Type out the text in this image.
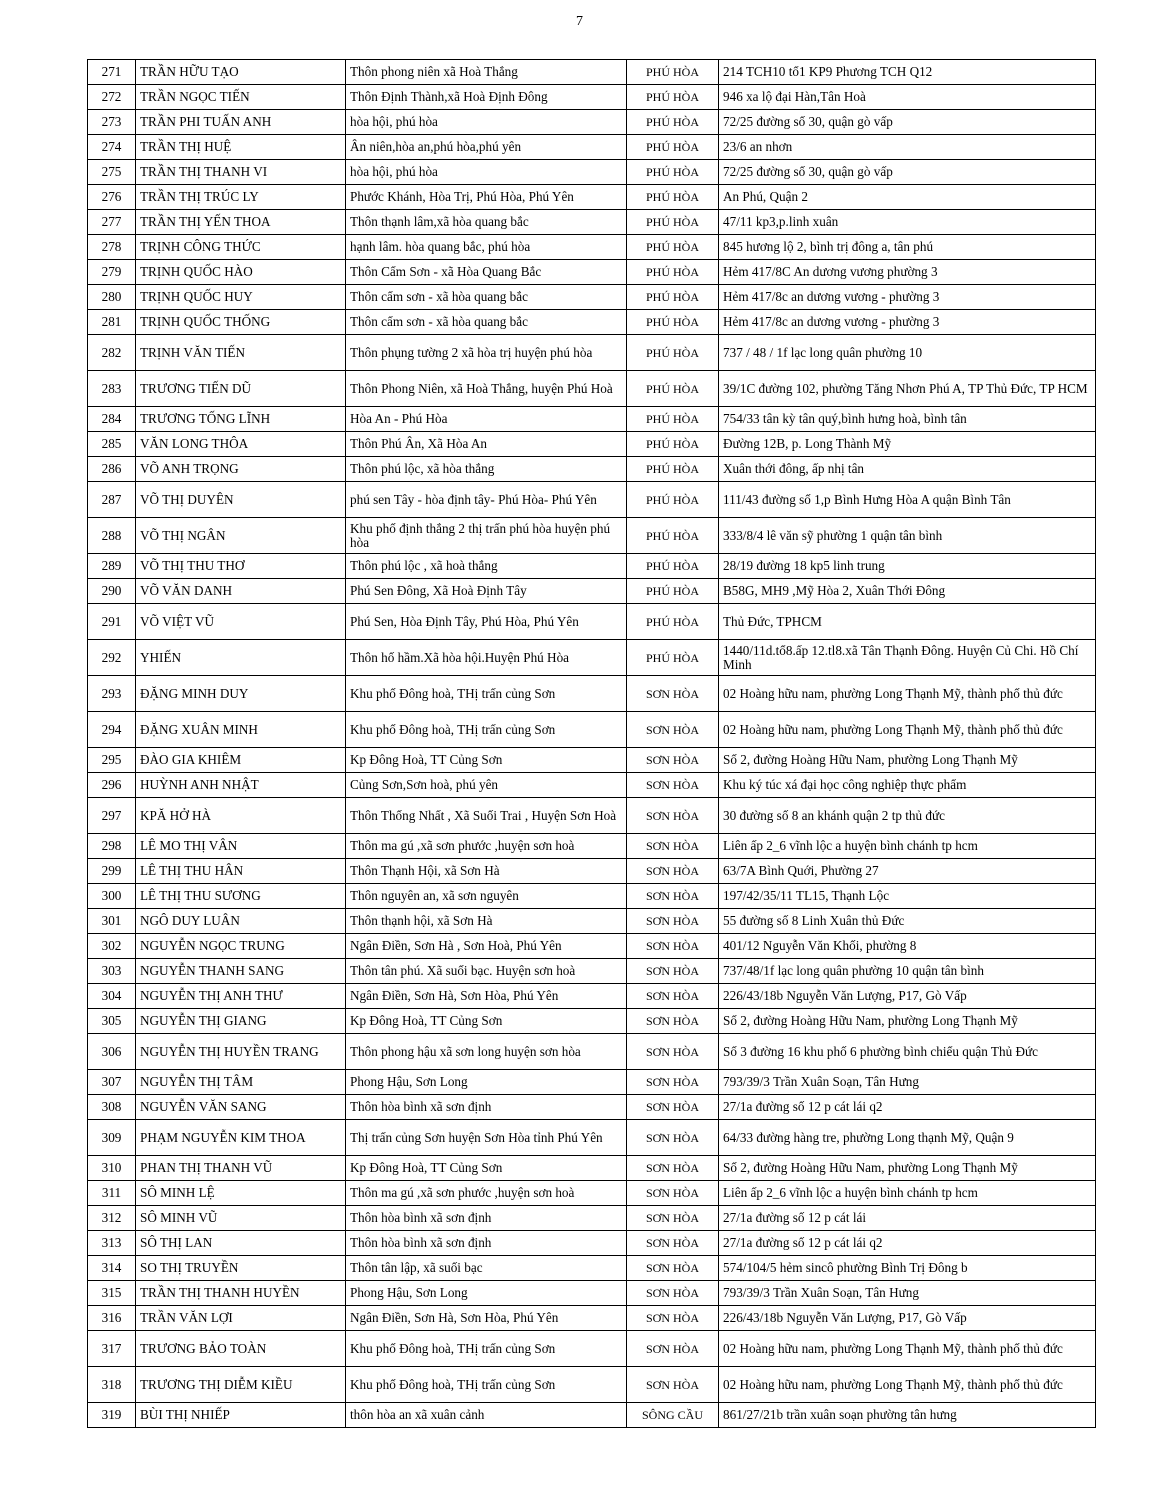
7
271	TRẦN HỮU TẠO	Thôn phong niên xã Hoà Thắng	PHÚ HÒA	214 TCH10 tổ1 KP9 Phương TCH Q12
272	TRẦN NGỌC TIẾN	Thôn Định Thành,xã Hoà Định Đông	PHÚ HÒA	946 xa lộ đại Hàn,Tân Hoà
273	TRẦN PHI TUẤN ANH	hòa hội, phú hòa	PHÚ HÒA	72/25 đường số 30, quận gò vấp
274	TRẦN THỊ HUỆ	Ân niên,hòa an,phú hòa,phú yên	PHÚ HÒA	23/6 an nhơn
275	TRẦN THỊ THANH VI	hòa hội, phú hòa	PHÚ HÒA	72/25 đường số 30, quận gò vấp
276	TRẦN THỊ TRÚC LY	Phước Khánh, Hòa Trị, Phú Hòa, Phú Yên	PHÚ HÒA	An Phú, Quận 2
277	TRẦN THỊ YẾN THOA	Thôn thạnh lâm,xã hòa quang bắc	PHÚ HÒA	47/11 kp3,p.linh xuân
278	TRỊNH CÔNG THỨC	hạnh lâm. hòa quang bắc, phú hòa	PHÚ HÒA	845 hương lộ 2, bình trị đông a, tân phú
279	TRỊNH QUỐC HÀO	Thôn Cẩm Sơn - xã Hòa Quang Bắc	PHÚ HÒA	Hẻm 417/8C An dương vương phường 3
280	TRỊNH QUỐC HUY	Thôn cẩm sơn - xã hòa quang bắc	PHÚ HÒA	Hẻm 417/8c an dương vương - phường 3
281	TRỊNH QUỐC THỐNG	Thôn cẩm sơn - xã hòa quang bắc	PHÚ HÒA	Hẻm 417/8c an dương vương - phường 3
282	TRỊNH VĂN TIẾN	Thôn phụng tường 2 xã hòa trị huyện phú hòa	PHÚ HÒA	737 / 48 / 1f lạc long quân phường 10
283	TRƯƠNG TIẾN DŨ	Thôn Phong Niên, xã Hoà Thắng, huyện Phú Hoà	PHÚ HÒA	39/1C đường 102, phường Tăng Nhơn Phú A, TP Thủ Đức, TP HCM
284	TRƯƠNG TỐNG LĨNH	Hòa An - Phú Hòa	PHÚ HÒA	754/33 tân kỳ tân quý,bình hưng hoà, bình tân
285	VĂN LONG THÔA	Thôn Phú Ân, Xã Hòa An	PHÚ HÒA	Đường 12B, p. Long Thành Mỹ
286	VÕ ANH TRỌNG	Thôn phú lộc, xã hòa thắng	PHÚ HÒA	Xuân thới đông, ấp nhị tân
287	VÕ THỊ DUYÊN	phú sen Tây - hòa định tây- Phú Hòa- Phú Yên	PHÚ HÒA	111/43 đường số 1,p Bình Hưng Hòa A quận Bình Tân
288	VÕ THỊ NGÂN	Khu phố định thắng 2 thị trấn phú hòa huyện phú hòa	PHÚ HÒA	333/8/4 lê văn sỹ phường 1 quận tân bình
289	VÕ THỊ THU THƠ	Thôn phú lộc , xã hoà thắng	PHÚ HÒA	28/19 đường 18 kp5 linh trung
290	VÕ VĂN DANH	Phú Sen Đông, Xã Hoà Định Tây	PHÚ HÒA	B58G, MH9 ,Mỹ Hòa 2, Xuân Thới Đông
291	VÕ VIỆT VŨ	Phú Sen, Hòa Định Tây, Phú Hòa, Phú Yên	PHÚ HÒA	Thủ Đức, TPHCM
292	YHIẾN	Thôn hố hầm.Xã hòa hội.Huyện Phú Hòa	PHÚ HÒA	1440/11d.tổ8.ấp 12.tl8.xã Tân Thạnh Đông. Huyện Củ Chi. Hồ Chí Minh
293	ĐẶNG MINH DUY	Khu phố Đông hoà, THị trấn củng Sơn	SƠN HÒA	02 Hoàng hữu nam, phường Long Thạnh Mỹ, thành phố thủ đức
294	ĐẶNG XUÂN MINH	Khu phố Đông hoà, THị trấn củng Sơn	SƠN HÒA	02 Hoàng hữu nam, phường Long Thạnh Mỹ, thành phố thủ đức
295	ĐÀO GIA KHIÊM	Kp Đông Hoà, TT Củng Sơn	SƠN HÒA	Số 2, đường Hoàng Hữu Nam, phường Long Thạnh Mỹ
296	HUỲNH ANH NHẬT	Củng Sơn,Sơn hoà, phú yên	SƠN HÒA	Khu ký túc xá đại học công nghiệp thực phẩm
297	KPĂ HỞ HÀ	Thôn Thống Nhất , Xã Suối Trai , Huyện Sơn Hoà	SƠN HÒA	30 đường số 8 an khánh quận 2 tp thủ đức
298	LÊ MO THỊ VÂN	Thôn ma gú ,xã sơn phước ,huyện sơn hoà	SƠN HÒA	Liên ấp 2_6 vĩnh lộc a huyện bình chánh tp hcm
299	LÊ THỊ THU HÂN	Thôn Thạnh Hội, xã Sơn Hà	SƠN HÒA	63/7A Bình Quới, Phường 27
300	LÊ THỊ THU SƯƠNG	Thôn nguyên an, xã sơn nguyên	SƠN HÒA	197/42/35/11 TL15, Thạnh Lộc
301	NGÔ DUY LUÂN	Thôn thạnh hội, xã Sơn Hà	SƠN HÒA	55 đường số 8 Linh Xuân thủ Đức
302	NGUYỄN NGỌC TRUNG	Ngân Điền, Sơn Hà , Sơn Hoà, Phú Yên	SƠN HÒA	401/12 Nguyễn Văn Khối, phường 8
303	NGUYỄN THANH SANG	Thôn tân phú. Xã suối bạc. Huyện sơn hoà	SƠN HÒA	737/48/1f lạc long quân phường 10 quận tân bình
304	NGUYỄN THỊ ANH THƯ	Ngân Điền, Sơn Hà, Sơn Hòa, Phú Yên	SƠN HÒA	226/43/18b Nguyễn Văn Lượng, P17, Gò Vấp
305	NGUYỄN THỊ GIANG	Kp Đông Hoà, TT Củng Sơn	SƠN HÒA	Số 2, đường Hoàng Hữu Nam, phường Long Thạnh Mỹ
306	NGUYỄN THỊ HUYỀN TRANG	Thôn phong hậu xã sơn long huyện sơn hòa	SƠN HÒA	Số 3 đường 16 khu phố 6 phường bình chiểu quận Thủ Đức
307	NGUYỄN THỊ TÂM	Phong Hậu, Sơn Long	SƠN HÒA	793/39/3 Trần Xuân Soạn, Tân Hưng
308	NGUYỄN VĂN SANG	Thôn hòa bình xã sơn định	SƠN HÒA	27/1a đường số 12 p cát lái q2
309	PHẠM NGUYỄN KIM THOA	Thị trấn củng Sơn huyện Sơn Hòa tỉnh Phú Yên	SƠN HÒA	64/33 đường hàng tre, phường Long thạnh Mỹ, Quận 9
310	PHAN THỊ THANH VŨ	Kp Đông Hoà, TT Củng Sơn	SƠN HÒA	Số 2, đường Hoàng Hữu Nam, phường Long Thạnh Mỹ
311	SÔ MINH LỆ	Thôn ma gú ,xã sơn phước ,huyện sơn hoà	SƠN HÒA	Liên ấp 2_6 vĩnh lộc a huyện bình chánh tp hcm
312	SÔ MINH VŨ	Thôn hòa bình xã sơn định	SƠN HÒA	27/1a đường số 12 p cát lái
313	SÔ THỊ LAN	Thôn hòa bình xã sơn định	SƠN HÒA	27/1a đường số 12 p cát lái q2
314	SO THỊ TRUYỀN	Thôn tân lập, xã suối bạc	SƠN HÒA	574/104/5 hẻm sincô phường Bình Trị Đông b
315	TRẦN THỊ THANH HUYỀN	Phong Hậu, Sơn Long	SƠN HÒA	793/39/3 Trần Xuân Soạn, Tân Hưng
316	TRẦN VĂN LỢI	Ngân Điền, Sơn Hà, Sơn Hòa, Phú Yên	SƠN HÒA	226/43/18b Nguyễn Văn Lượng, P17, Gò Vấp
317	TRƯƠNG BẢO TOÀN	Khu phố Đông hoà, THị trấn củng Sơn	SƠN HÒA	02 Hoàng hữu nam, phường Long Thạnh Mỹ, thành phố thủ đức
318	TRƯƠNG THỊ DIỄM KIỀU	Khu phố Đông hoà, THị trấn củng Sơn	SƠN HÒA	02 Hoàng hữu nam, phường Long Thạnh Mỹ, thành phố thủ đức
319	BÙI THỊ NHIẾP	thôn hòa an xã xuân cảnh	SÔNG CẦU	861/27/21b trần xuân soạn phường tân hưng
